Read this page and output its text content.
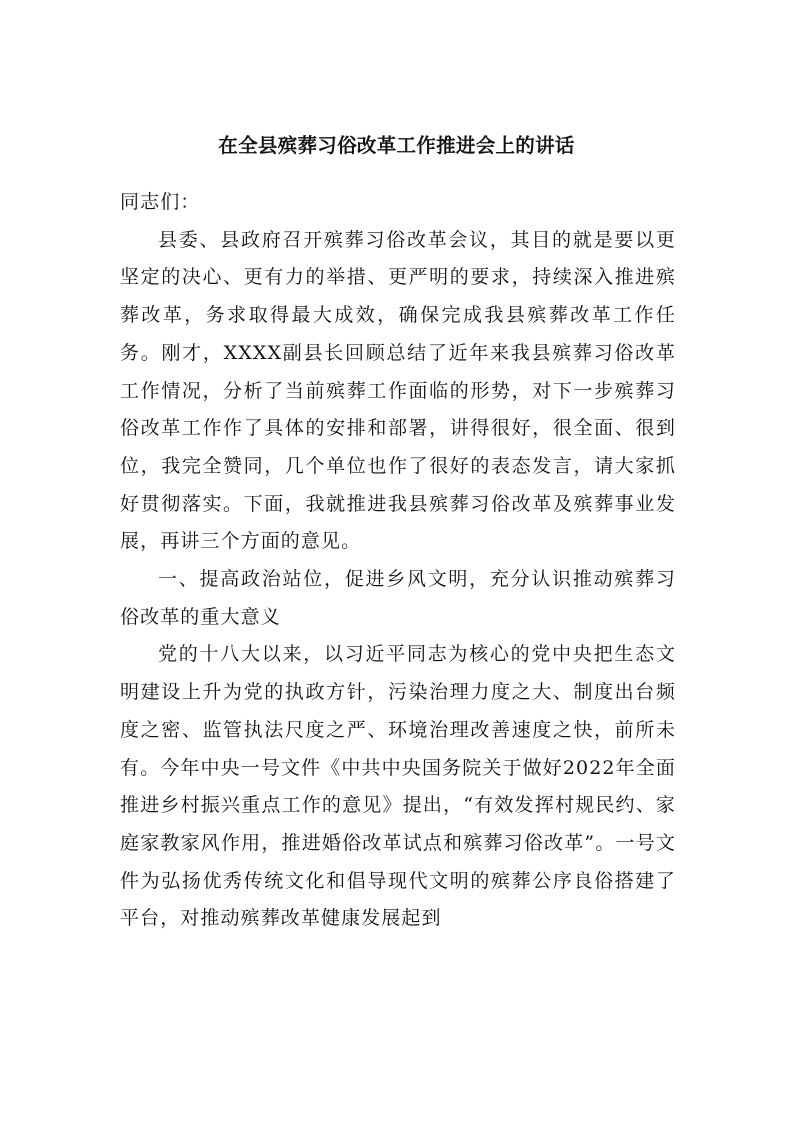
在全县殡葬习俗改革工作推进会上的讲话

同志们：

县委、县政府召开殡葬习俗改革会议，其目的就是要以更坚定的决心、更有力的举措、更严明的要求，持续深入推进殡葬改革，务求取得最大成效，确保完成我县殡葬改革工作任务。刚才，XXXX副县长回顾总结了近年来我县殡葬习俗改革工作情况，分析了当前殡葬工作面临的形势，对下一步殡葬习俗改革工作作了具体的安排和部署，讲得很好，很全面、很到位，我完全赞同，几个单位也作了很好的表态发言，请大家抓好贯彻落实。下面，我就推进我县殡葬习俗改革及殡葬事业发展，再讲三个方面的意见。

一、提高政治站位，促进乡风文明，充分认识推动殡葬习俗改革的重大意义

党的十八大以来，以习近平同志为核心的党中央把生态文明建设上升为党的执政方针，污染治理力度之大、制度出台频度之密、监管执法尺度之严、环境治理改善速度之快，前所未有。今年中央一号文件《中共中央国务院关于做好2022年全面推进乡村振兴重点工作的意见》提出，“有效发挥村规民约、家庭家教家风作用，推进婚俗改革试点和殡葬习俗改革”。一号文件为弘扬优秀传统文化和倡导现代文明的殡葬公序良俗搭建了平台，对推动殡葬改革健康发展起到
